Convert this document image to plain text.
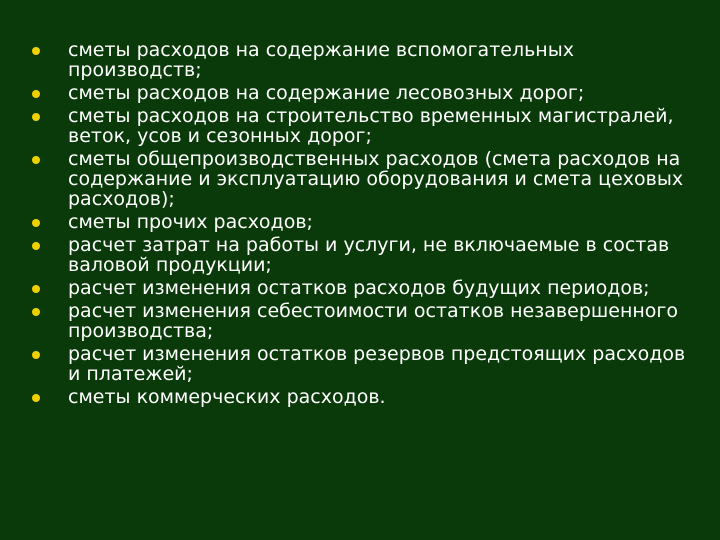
сметы расходов на содержание вспомогательных производств;
сметы расходов на содержание лесовозных дорог;
сметы расходов на строительство временных магистралей, веток, усов и сезонных дорог;
сметы общепроизводственных расходов (смета расходов на содержание и эксплуатацию оборудования и смета цеховых расходов);
сметы прочих расходов;
расчет затрат на работы и услуги, не включаемые в состав валовой продукции;
расчет изменения остатков расходов будущих периодов;
расчет изменения себестоимости остатков незавершенного производства;
расчет изменения остатков резервов предстоящих расходов и платежей;
сметы коммерческих расходов.
